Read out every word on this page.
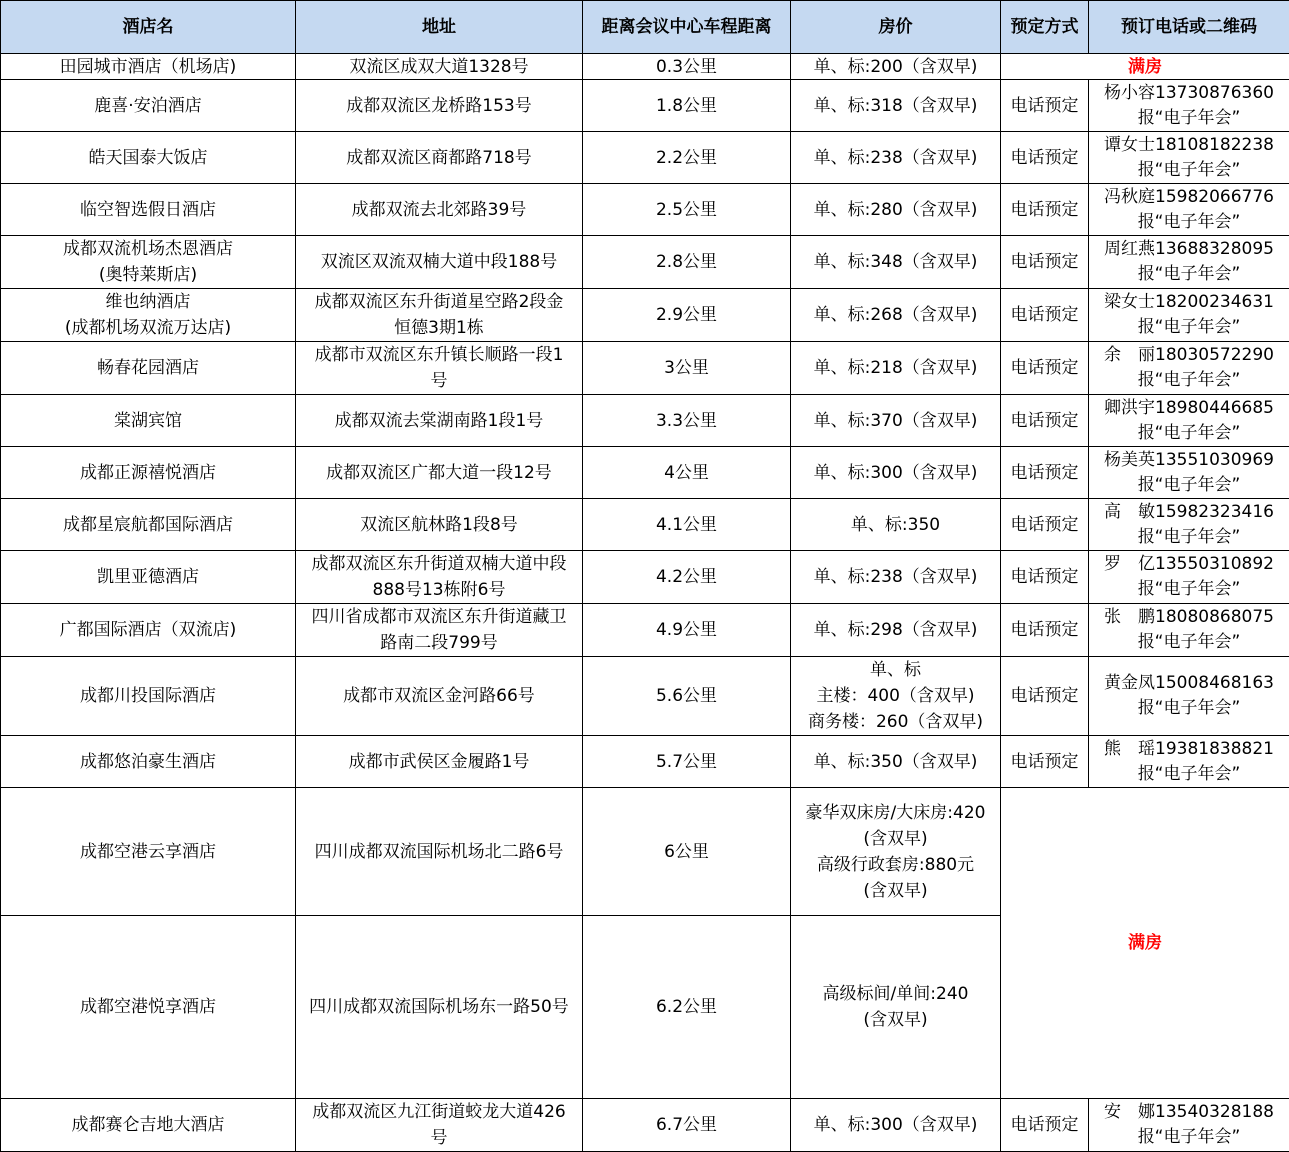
酒店名	地址	距离会议中心车程距离	房价	预定方式	预订电话或二维码
田园城市酒店（机场店)	双流区成双大道1328号	0.3公里	单、标:200（含双早)	满房	
鹿喜·安泊酒店	成都双流区龙桥路153号	1.8公里	单、标:318（含双早)	电话预定	杨小容13730876360
报“电子年会”
皓天国泰大饭店	成都双流区商都路718号	2.2公里	单、标:238（含双早)	电话预定	谭女士18108182238
报“电子年会”
临空智选假日酒店	成都双流去北郊路39号	2.5公里	单、标:280（含双早)	电话预定	冯秋庭15982066776
报“电子年会”
成都双流机场杰恩酒店
(奥特莱斯店)	双流区双流双楠大道中段188号	2.8公里	单、标:348（含双早)	电话预定	周红燕13688328095
报“电子年会”
维也纳酒店
(成都机场双流万达店)	成都双流区东升街道星空路2段金
恒德3期1栋	2.9公里	单、标:268（含双早)	电话预定	梁女士18200234631
报“电子年会”
畅春花园酒店	成都市双流区东升镇长顺路一段1
号	3公里	单、标:218（含双早)	电话预定	余　丽18030572290
报“电子年会”
棠湖宾馆	成都双流去棠湖南路1段1号	3.3公里	单、标:370（含双早)	电话预定	卿洪宇18980446685
报“电子年会”
成都正源禧悦酒店	成都双流区广都大道一段12号	4公里	单、标:300（含双早)	电话预定	杨美英13551030969
报“电子年会”
成都星宸航都国际酒店	双流区航林路1段8号	4.1公里	单、标:350	电话预定	高　敏15982323416
报“电子年会”
凯里亚德酒店	成都双流区东升街道双楠大道中段
888号13栋附6号	4.2公里	单、标:238（含双早)	电话预定	罗　亿13550310892
报“电子年会”
广都国际酒店（双流店)	四川省成都市双流区东升街道藏卫
路南二段799号	4.9公里	单、标:298（含双早)	电话预定	张　鹏18080868075
报“电子年会”
成都川投国际酒店	成都市双流区金河路66号	5.6公里	单、标
主楼：400（含双早)
商务楼：260（含双早)	电话预定	黄金凤15008468163
报“电子年会”
成都悠泊豪生酒店	成都市武侯区金履路1号	5.7公里	单、标:350（含双早)	电话预定	熊　瑶19381838821
报“电子年会”
成都空港云享酒店	四川成都双流国际机场北二路6号	6公里	豪华双床房/大床房:420
(含双早)
高级行政套房:880元
(含双早)	满房	
成都空港悦享酒店	四川成都双流国际机场东一路50号	6.2公里	高级标间/单间:240
(含双早)		
成都赛仑吉地大酒店	成都双流区九江街道蛟龙大道426
号	6.7公里	单、标:300（含双早)	电话预定	安　娜13540328188
报“电子年会”
